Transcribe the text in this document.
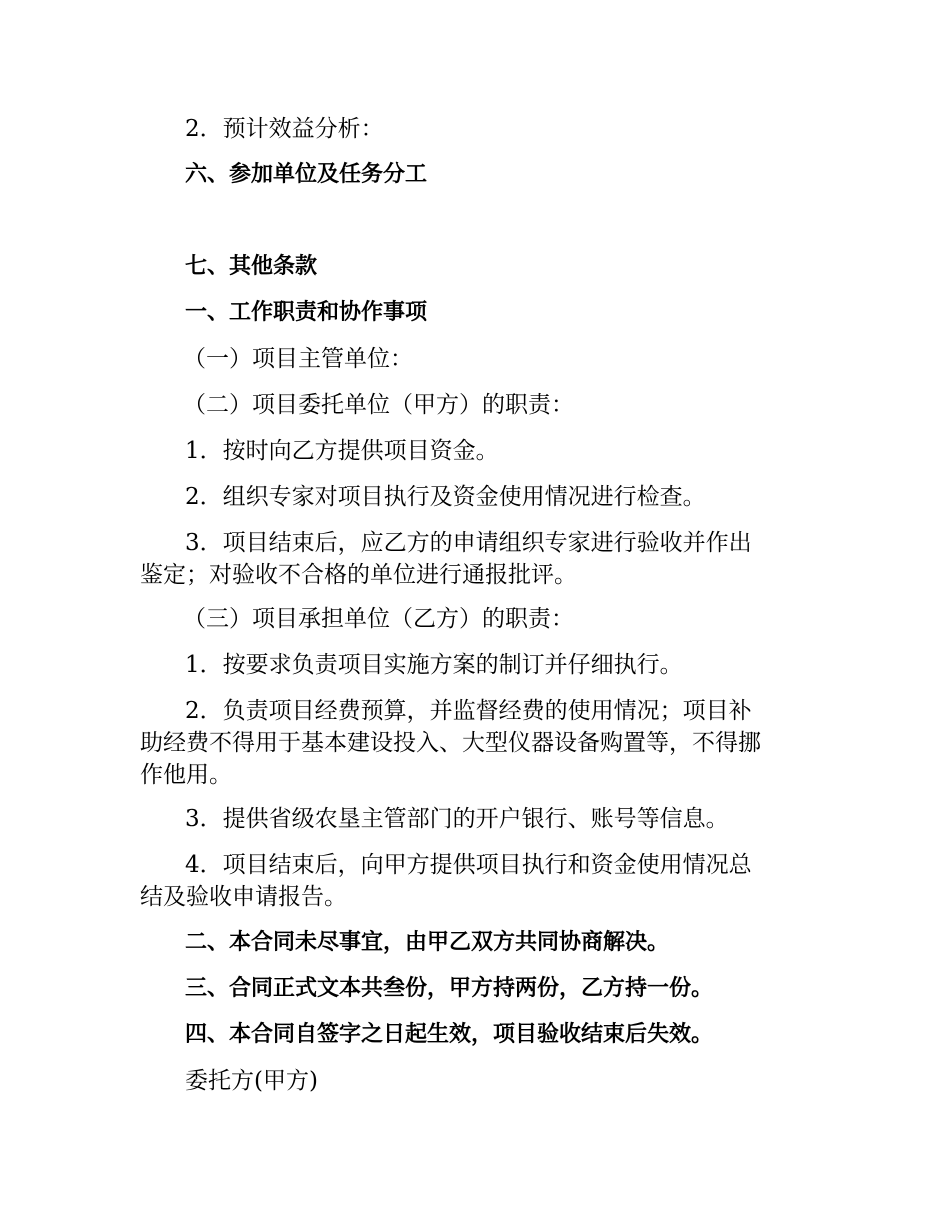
2．预计效益分析：

六、参加单位及任务分工

七、其他条款

一、工作职责和协作事项

（一）项目主管单位：

（二）项目委托单位（甲方）的职责：

1．按时向乙方提供项目资金。

2．组织专家对项目执行及资金使用情况进行检查。

3．项目结束后，应乙方的申请组织专家进行验收并作出

鉴定；对验收不合格的单位进行通报批评。

（三）项目承担单位（乙方）的职责：

1．按要求负责项目实施方案的制订并仔细执行。

2．负责项目经费预算，并监督经费的使用情况；项目补

助经费不得用于基本建设投入、大型仪器设备购置等，不得挪

作他用。

3．提供省级农垦主管部门的开户银行、账号等信息。

4．项目结束后，向甲方提供项目执行和资金使用情况总

结及验收申请报告。

二、本合同未尽事宜，由甲乙双方共同协商解决。

三、合同正式文本共叁份，甲方持两份，乙方持一份。

四、本合同自签字之日起生效，项目验收结束后失效。

委托方(甲方)
